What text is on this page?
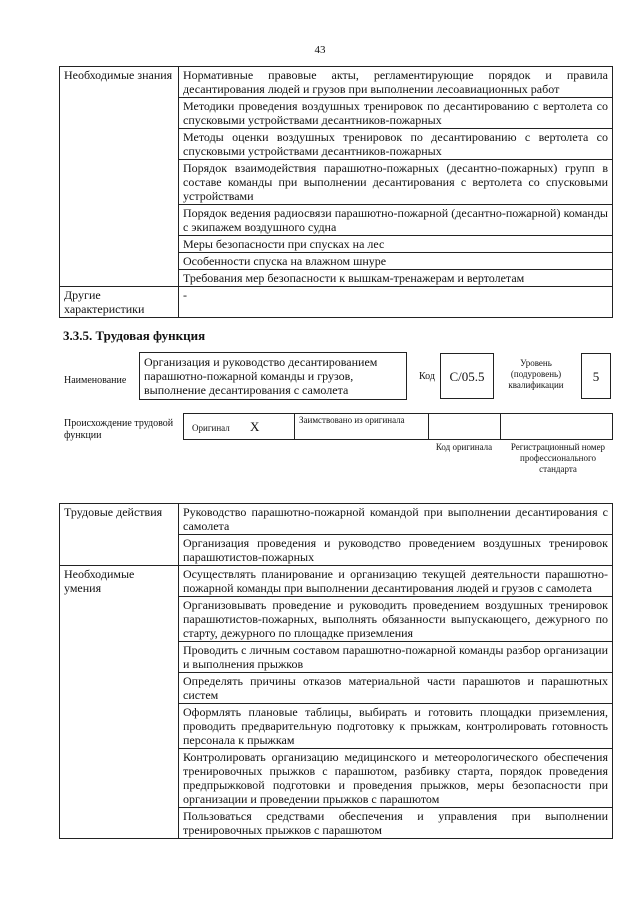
43
Необходимые знания	Нормативные правовые акты, регламентирующие порядок и правила десантирования людей и грузов при выполнении лесоавиационных работ
	Методики проведения воздушных тренировок по десантированию с вертолета со спусковыми устройствами десантников-пожарных
	Методы оценки воздушных тренировок по десантированию с вертолета со спусковыми устройствами десантников-пожарных
	Порядок взаимодействия парашютно-пожарных (десантно-пожарных) групп в составе команды при выполнении десантирования с вертолета со спусковыми устройствами
	Порядок ведения радиосвязи парашютно-пожарной (десантно-пожарной) команды с экипажем воздушного судна
	Меры безопасности при спусках на лес
	Особенности спуска на влажном шнуре
	Требования мер безопасности к вышкам-тренажерам и вертолетам
Другие характеристики	-
3.3.5. Трудовая функция
Наименование
Организация и руководство десантированием парашютно-пожарной команды и грузов, выполнение десантирования с самолета
Код	С/05.5
Уровень (подуровень) квалификации
5
Происхождение трудовой функции
Оригинал X	Заимствовано из оригинала
Код оригинала	Регистрационный номер профессионального стандарта
Трудовые действия	Руководство парашютно-пожарной командой при выполнении десантирования с самолета
	Организация проведения и руководство проведением воздушных тренировок парашютистов-пожарных
Необходимые умения	Осуществлять планирование и организацию текущей деятельности парашютно-пожарной команды при выполнении десантирования людей и грузов с самолета
	Организовывать проведение и руководить проведением воздушных тренировок парашютистов-пожарных, выполнять обязанности выпускающего, дежурного по старту, дежурного по площадке приземления
	Проводить с личным составом парашютно-пожарной команды разбор организации и выполнения прыжков
	Определять причины отказов материальной части парашютов и парашютных систем
	Оформлять плановые таблицы, выбирать и готовить площадки приземления, проводить предварительную подготовку к прыжкам, контролировать готовность персонала к прыжкам
	Контролировать организацию медицинского и метеорологического обеспечения тренировочных прыжков с парашютом, разбивку старта, порядок проведения предпрыжковой подготовки и проведения прыжков, меры безопасности при организации и проведении прыжков с парашютом
	Пользоваться средствами обеспечения и управления при выполнении тренировочных прыжков с парашютом
